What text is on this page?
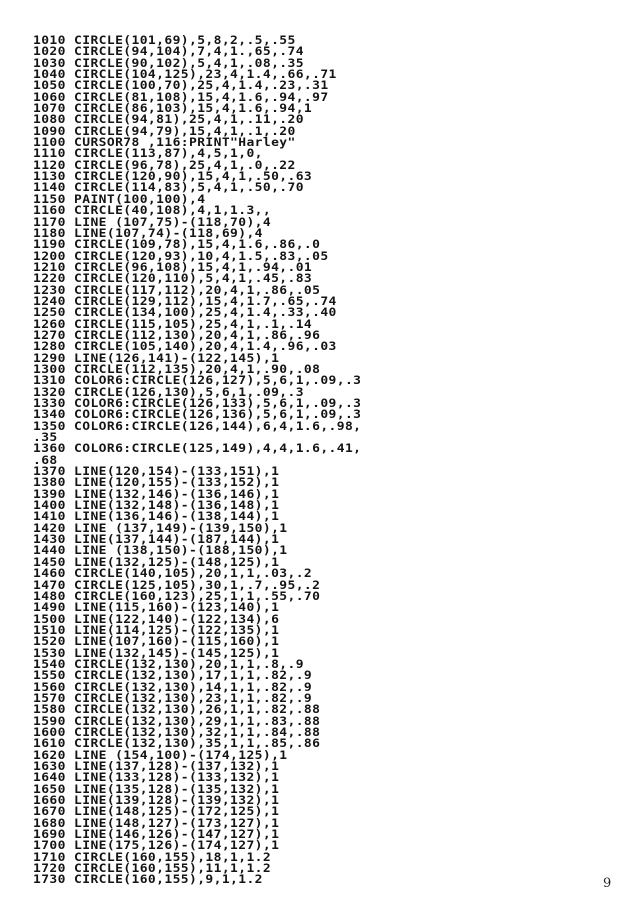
1010 CIRCLE(101,69),5,8,2,.5,.55
1020 CIRCLE(94,104),7,4,1.,65,.74
1030 CIRCLE(90,102),5,4,1,.08,.35
1040 CIRCLE(104,125),23,4,1.4,.66,.71
1050 CIRCLE(100,70),25,4,1.4,.23,.31
1060 CIRCLE(81,108),15,4,1.6,.94,.97
1070 CIRCLE(86,103),15,4,1.6,.94,1
1080 CIRCLE(94,81),25,4,1,.11,.20
1090 CIRCLE(94,79),15,4,1,.1,.20
1100 CURSOR78 ,116:PRINT"Harley"
1110 CIRCLE(113,87),4,5,1,0,
1120 CIRCLE(96,78),25,4,1,.0,.22
1130 CIRCLE(120,90),15,4,1,.50,.63
1140 CIRCLE(114,83),5,4,1,.50,.70
1150 PAINT(100,100),4
1160 CIRCLE(40,108),4,1,1.3,,
1170 LINE (107,75)-(118,70),4
1180 LINE(107,74)-(118,69),4
1190 CIRCLE(109,78),15,4,1.6,.86,.0
1200 CIRCLE(120,93),10,4,1.5,.83,.05
1210 CIRCLE(96,108),15,4,1,.94,.01
1220 CIRCLE(120,110),5,4,1,.45,.83
1230 CIRCLE(117,112),20,4,1,.86,.05
1240 CIRCLE(129,112),15,4,1.7,.65,.74
1250 CIRCLE(134,100),25,4,1.4,.33,.40
1260 CIRCLE(115,105),25,4,1,.1,.14
1270 CIRCLE(112,130),20,4,1,.86,.96
1280 CIRCLE(105,140),20,4,1.4,.96,.03
1290 LINE(126,141)-(122,145),1
1300 CIRCLE(112,135),20,4,1,.90,.08
1310 COLOR6:CIRCLE(126,127),5,6,1,.09,.3
1320 CIRCLE(126,130),5,6,1,.09,.3
1330 COLOR6:CIRCLE(126,133),5,6,1,.09,.3
1340 COLOR6:CIRCLE(126,136),5,6,1,.09,.3
1350 COLOR6:CIRCLE(126,144),6,4,1.6,.98,
.35
1360 COLOR6:CIRCLE(125,149),4,4,1.6,.41,
.68
1370 LINE(120,154)-(133,151),1
1380 LINE(120,155)-(133,152),1
1390 LINE(132,146)-(136,146),1
1400 LINE(132,148)-(136,148),1
1410 LINE(136,146)-(138,144),1
1420 LINE (137,149)-(139,150),1
1430 LINE(137,144)-(187,144),1
1440 LINE (138,150)-(188,150),1
1450 LINE(132,125)-(148,125),1
1460 CIRCLE(140,105),20,1,1,.03,.2
1470 CIRCLE(125,105),30,1,.7,.95,.2
1480 CIRCLE(160,123),25,1,1,.55,.70
1490 LINE(115,160)-(123,140),1
1500 LINE(122,140)-(122,134),6
1510 LINE(114,125)-(122,135),1
1520 LINE(107,160)-(115,160),1
1530 LINE(132,145)-(145,125),1
1540 CIRCLE(132,130),20,1,1,.8,.9
1550 CIRCLE(132,130),17,1,1,.82,.9
1560 CIRCLE(132,130),14,1,1,.82,.9
1570 CIRCLE(132,130),23,1,1,.82,.9
1580 CIRCLE(132,130),26,1,1,.82,.88
1590 CIRCLE(132,130),29,1,1,.83,.88
1600 CIRCLE(132,130),32,1,1,.84,.88
1610 CIRCLE(132,130),35,1,1,.85,.86
1620 LINE (154,100)-(174,125),1
1630 LINE(137,128)-(137,132),1
1640 LINE(133,128)-(133,132),1
1650 LINE(135,128)-(135,132),1
1660 LINE(139,128)-(139,132),1
1670 LINE(148,125)-(172,125),1
1680 LINE(148,127)-(173,127),1
1690 LINE(146,126)-(147,127),1
1700 LINE(175,126)-(174,127),1
1710 CIRCLE(160,155),18,1,1.2
1720 CIRCLE(160,155),11,1,1.2
1730 CIRCLE(160,155),9,1,1.2	9
